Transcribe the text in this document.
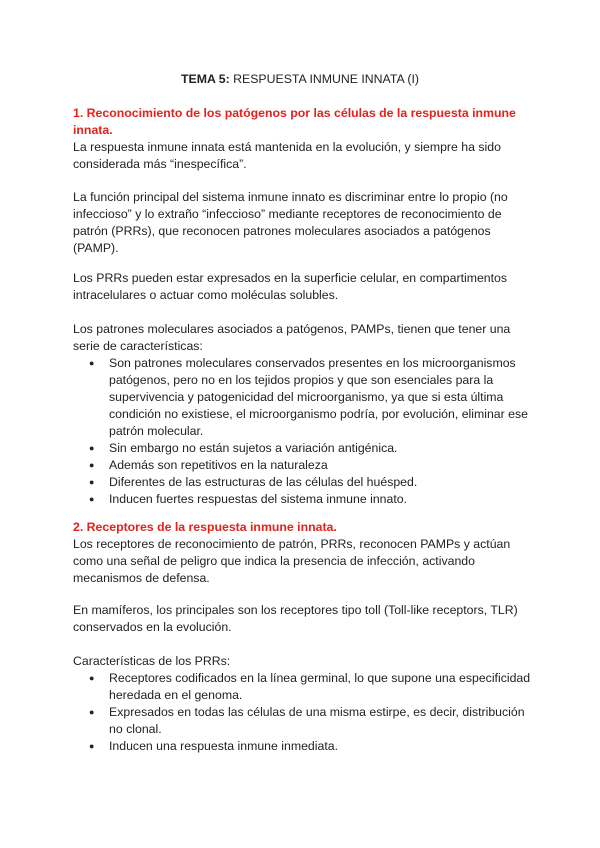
TEMA 5: RESPUESTA INMUNE INNATA (I)

1. Reconocimiento de los patógenos por las células de la respuesta inmune innata.

La respuesta inmune innata está mantenida en la evolución, y siempre ha sido considerada más “inespecífica”.

La función principal del sistema inmune innato es discriminar entre lo propio (no infeccioso” y lo extraño “infeccioso” mediante receptores de reconocimiento de patrón (PRRs), que reconocen patrones moleculares asociados a patógenos (PAMP).

Los PRRs pueden estar expresados en la superficie celular, en compartimentos intracelulares o actuar como moléculas solubles.

Los patrones moleculares asociados a patógenos, PAMPs, tienen que tener una serie de características:

● Son patrones moleculares conservados presentes en los microorganismos patógenos, pero no en los tejidos propios y que son esenciales para la supervivencia y patogenicidad del microorganismo, ya que si esta última condición no existiese, el microorganismo podría, por evolución, eliminar ese patrón molecular.
● Sin embargo no están sujetos a variación antigénica.
● Además son repetitivos en la naturaleza
● Diferentes de las estructuras de las células del huésped.
● Inducen fuertes respuestas del sistema inmune innato.

2. Receptores de la respuesta inmune innata.

Los receptores de reconocimiento de patrón, PRRs, reconocen PAMPs y actúan como una señal de peligro que indica la presencia de infección, activando mecanismos de defensa.

En mamíferos, los principales son los receptores tipo toll (Toll-like receptors, TLR) conservados en la evolución.

Características de los PRRs:

● Receptores codificados en la línea germinal, lo que supone una especificidad heredada en el genoma.
● Expresados en todas las células de una misma estirpe, es decir, distribución no clonal.
● Inducen una respuesta inmune inmediata.
